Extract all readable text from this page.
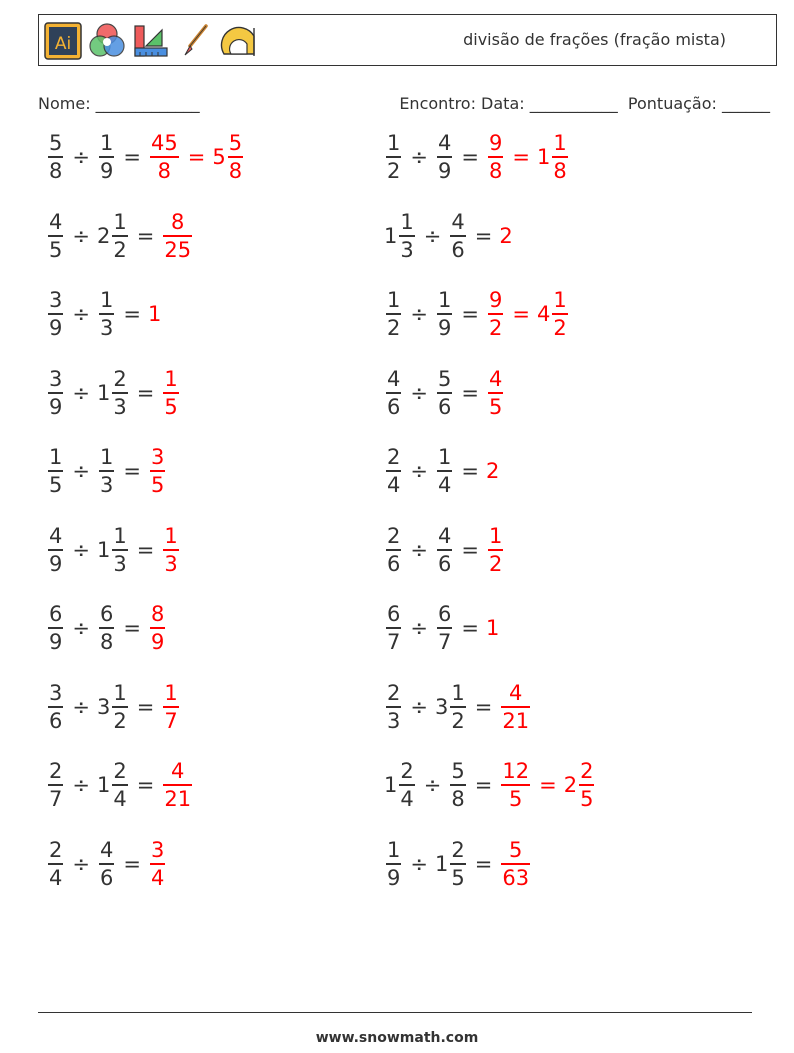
Ai	divisão de frações (fração mista)
Nome: _____________	Encontro: Data: ___________  Pontuação: ______
$\frac{5}{8} \div \frac{1}{9} = \frac{45}{8} = 5 \frac{5}{8}$	$\frac{1}{2} \div \frac{4}{9} = \frac{9}{8} = 1 \frac{1}{8}$
$\frac{4}{5} \div 2 \frac{1}{2} = \frac{8}{25}$	$1 \frac{1}{3} \div \frac{4}{6} = 2$
$\frac{3}{9} \div \frac{1}{3} = 1$	$\frac{1}{2} \div \frac{1}{9} = \frac{9}{2} = 4 \frac{1}{2}$
$\frac{3}{9} \div 1 \frac{2}{3} = \frac{1}{5}$	$\frac{4}{6} \div \frac{5}{6} = \frac{4}{5}$
$\frac{1}{5} \div \frac{1}{3} = \frac{3}{5}$	$\frac{2}{4} \div \frac{1}{4} = 2$
$\frac{4}{9} \div 1 \frac{1}{3} = \frac{1}{3}$	$\frac{2}{6} \div \frac{4}{6} = \frac{1}{2}$
$\frac{6}{9} \div \frac{6}{8} = \frac{8}{9}$	$\frac{6}{7} \div \frac{6}{7} = 1$
$\frac{3}{6} \div 3 \frac{1}{2} = \frac{1}{7}$	$\frac{2}{3} \div 3 \frac{1}{2} = \frac{4}{21}$
$\frac{2}{7} \div 1 \frac{2}{4} = \frac{4}{21}$	$1 \frac{2}{4} \div \frac{5}{8} = \frac{12}{5} = 2 \frac{2}{5}$
$\frac{2}{4} \div \frac{4}{6} = \frac{3}{4}$	$\frac{1}{9} \div 1 \frac{2}{5} = \frac{5}{63}$
www.snowmath.com
